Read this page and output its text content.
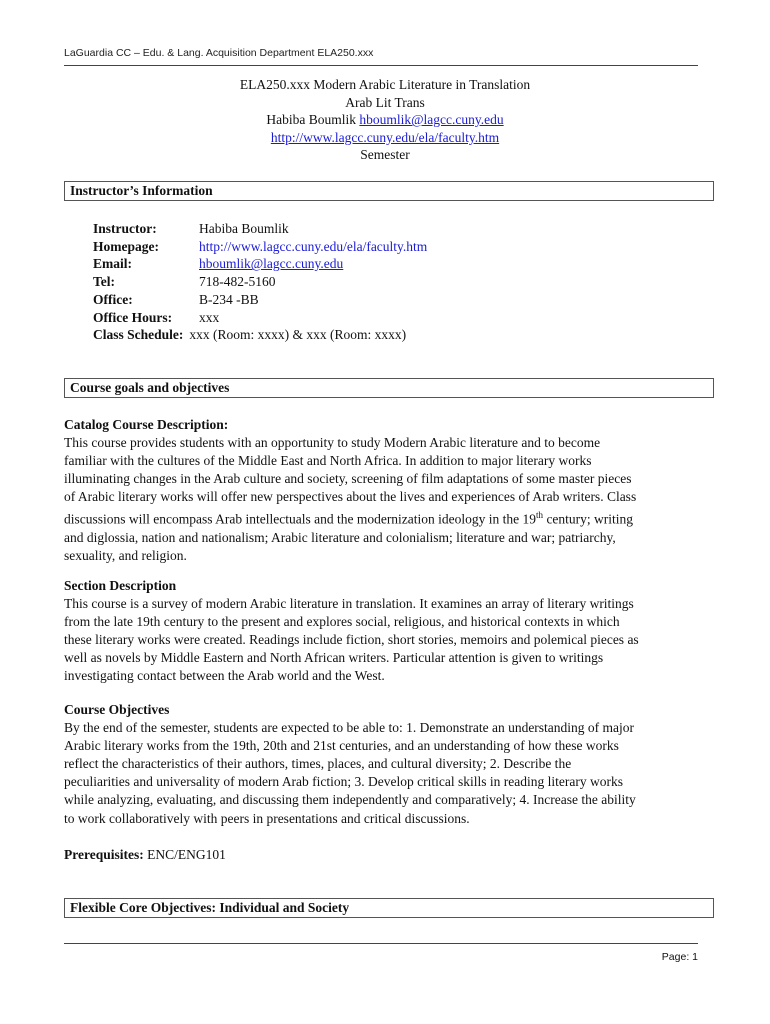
LaGuardia CC – Edu. & Lang. Acquisition Department ELA250.xxx
ELA250.xxx Modern Arabic Literature in Translation
Arab Lit Trans
Habiba Boumlik hboumlik@lagcc.cuny.edu
http://www.lagcc.cuny.edu/ela/faculty.htm
Semester
Instructor’s Information
Instructor:	Habiba Boumlik
Homepage:	http://www.lagcc.cuny.edu/ela/faculty.htm
Email:	hboumlik@lagcc.cuny.edu
Tel:	718-482-5160
Office:	B-234 -BB
Office Hours:	xxx
Class Schedule: xxx (Room: xxxx) & xxx (Room: xxxx)
Course goals and objectives
Catalog Course Description:
This course provides students with an opportunity to study Modern Arabic literature and to become
familiar with the cultures of the Middle East and North Africa. In addition to major literary works
illuminating changes in the Arab culture and society, screening of film adaptations of some master pieces
of Arabic literary works will offer new perspectives about the lives and experiences of Arab writers. Class
discussions will encompass Arab intellectuals and the modernization ideology in the 19th century; writing
and diglossia, nation and nationalism; Arabic literature and colonialism; literature and war; patriarchy,
sexuality, and religion.
Section Description
This course is a survey of modern Arabic literature in translation. It examines an array of literary writings
from the late 19th century to the present and explores social, religious, and historical contexts in which
these literary works were created. Readings include fiction, short stories, memoirs and polemical pieces as
well as novels by Middle Eastern and North African writers. Particular attention is given to writings
investigating contact between the Arab world and the West.
Course Objectives
By the end of the semester, students are expected to be able to: 1. Demonstrate an understanding of major
Arabic literary works from the 19th, 20th and 21st centuries, and an understanding of how these works
reflect the characteristics of their authors, times, places, and cultural diversity; 2. Describe the
peculiarities and universality of modern Arab fiction; 3. Develop critical skills in reading literary works
while analyzing, evaluating, and discussing them independently and comparatively; 4. Increase the ability
to work collaboratively with peers in presentations and critical discussions.
Prerequisites: ENC/ENG101
Flexible Core Objectives: Individual and Society
Page: 1
